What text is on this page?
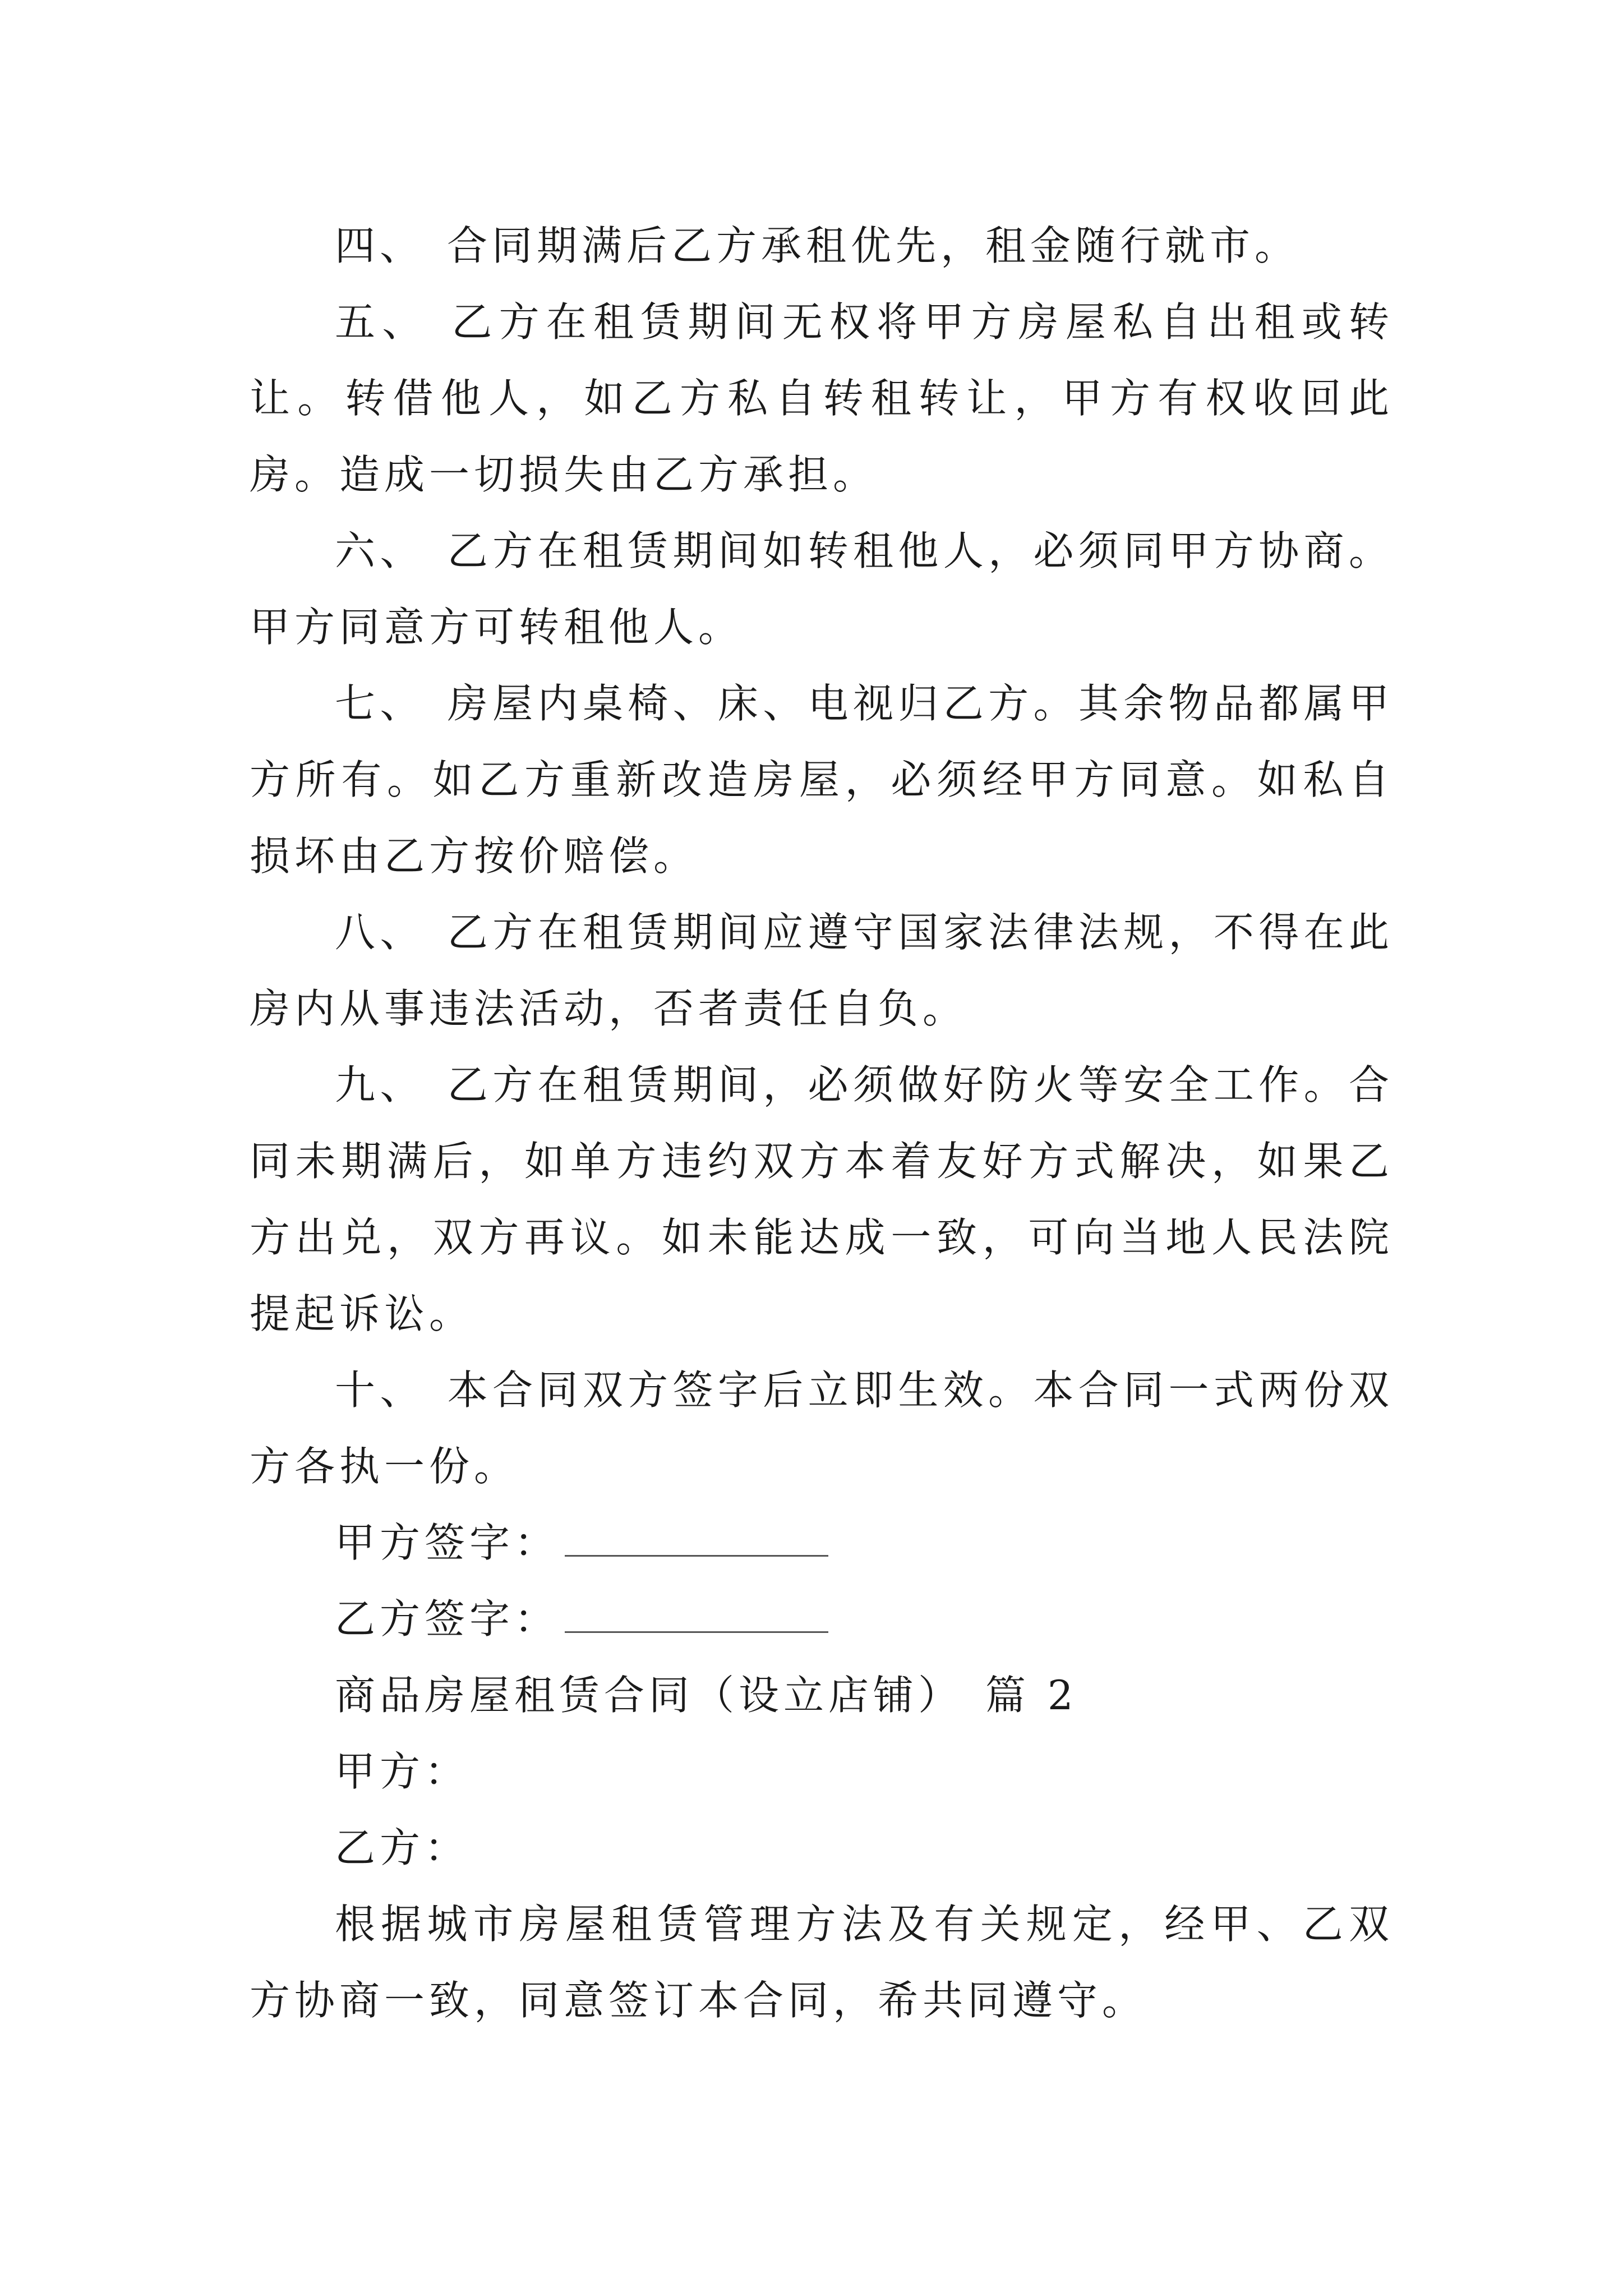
四、 合同期满后乙方承租优先，租金随行就市。

五、 乙方在租赁期间无权将甲方房屋私自出租或转让。转借他人，如乙方私自转租转让，甲方有权收回此房。造成一切损失由乙方承担。

六、 乙方在租赁期间如转租他人，必须同甲方协商。甲方同意方可转租他人。

七、 房屋内桌椅、床、电视归乙方。其余物品都属甲方所有。如乙方重新改造房屋，必须经甲方同意。如私自损坏由乙方按价赔偿。

八、 乙方在租赁期间应遵守国家法律法规，不得在此房内从事违法活动，否者责任自负。

九、 乙方在租赁期间，必须做好防火等安全工作。合同未期满后，如单方违约双方本着友好方式解决，如果乙方出兑，双方再议。如未能达成一致，可向当地人民法院提起诉讼。

十、 本合同双方签字后立即生效。本合同一式两份双方各执一份。

甲方签字：

乙方签字：

商品房屋租赁合同（设立店铺） 篇 2

甲方：

乙方：

根据城市房屋租赁管理方法及有关规定，经甲、乙双方协商一致，同意签订本合同，希共同遵守。
